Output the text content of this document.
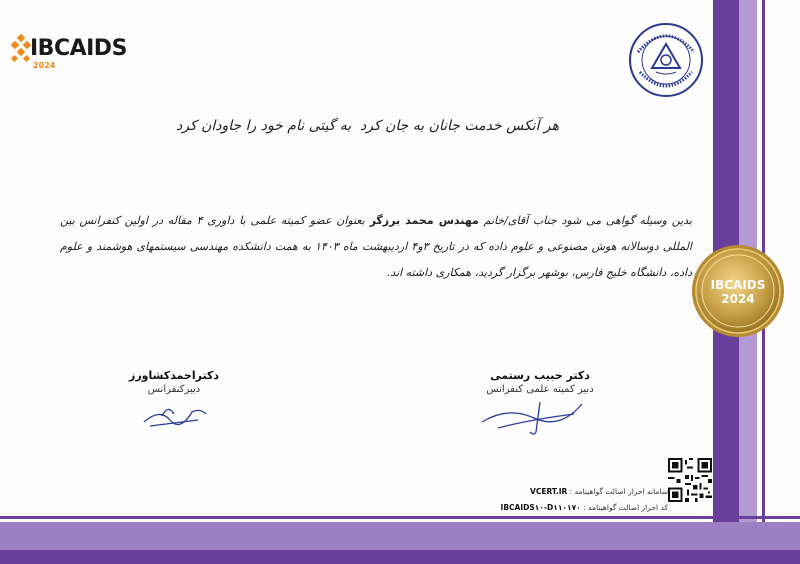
IBCAIDS
2024
هر آنکس خدمت جانان به جان کرد
به گیتی نام خود را جاودان کرد
بدین وسیله گواهی می شود جناب آقای/خانم مهندس محمد برزگر بعنوان عضو کمیته علمی با داوری ۴ مقاله در اولین کنفرانس بین المللی دوسالانه هوش مصنوعی و علوم داده که در تاریخ ۳و۴ اردیبهشت ماه ۱۴۰۳ به همت دانشکده مهندسی سیستمهای هوشمند و علوم داده، دانشگاه خلیج فارس، بوشهر برگزار گردید، همکاری داشته اند.
IBCAIDS
2024
دکتراحمدکشاورز
دبیرکنفرانس
دکتر حبیب رستمی
دبیر کمیته علمی کنفرانس
سامانه احراز اصالت گواهینامه : VCERT.IR
کد احراز اصالت گواهینامه : IBCAIDS۱۰-D۱۱۰۱۷۰
